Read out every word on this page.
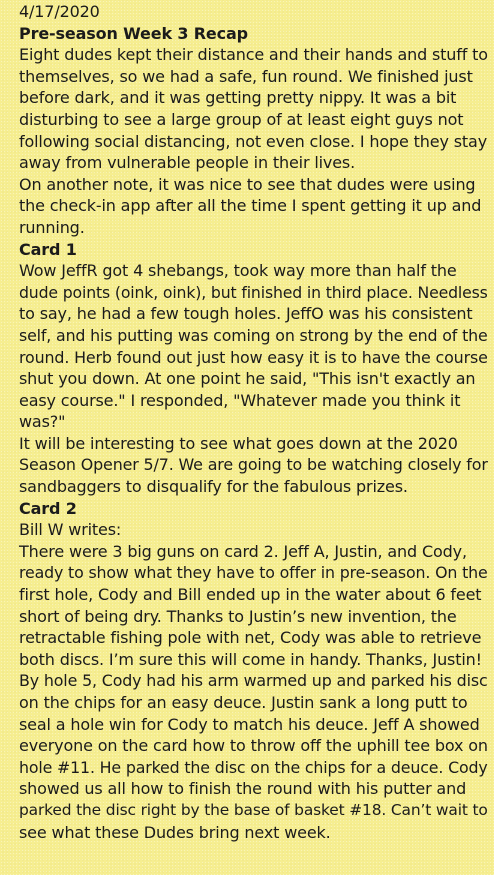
4/17/2020
Pre-season Week 3 Recap
Eight dudes kept their distance and their hands and stuff to
themselves, so we had a safe, fun round. We finished just
before dark, and it was getting pretty nippy. It was a bit
disturbing to see a large group of at least eight guys not
following social distancing, not even close. I hope they stay
away from vulnerable people in their lives.
On another note, it was nice to see that dudes were using
the check-in app after all the time I spent getting it up and
running.
Card 1
Wow JeffR got 4 shebangs, took way more than half the
dude points (oink, oink), but finished in third place. Needless
to say, he had a few tough holes. JeffO was his consistent
self, and his putting was coming on strong by the end of the
round. Herb found out just how easy it is to have the course
shut you down. At one point he said, "This isn't exactly an
easy course." I responded, "Whatever made you think it
was?"
It will be interesting to see what goes down at the 2020
Season Opener 5/7. We are going to be watching closely for
sandbaggers to disqualify for the fabulous prizes.
Card 2
Bill W writes:
There were 3 big guns on card 2. Jeff A, Justin, and Cody,
ready to show what they have to offer in pre-season. On the
first hole, Cody and Bill ended up in the water about 6 feet
short of being dry. Thanks to Justin’s new invention, the
retractable fishing pole with net, Cody was able to retrieve
both discs. I’m sure this will come in handy. Thanks, Justin!
By hole 5, Cody had his arm warmed up and parked his disc
on the chips for an easy deuce. Justin sank a long putt to
seal a hole win for Cody to match his deuce. Jeff A showed
everyone on the card how to throw off the uphill tee box on
hole #11. He parked the disc on the chips for a deuce. Cody
showed us all how to finish the round with his putter and
parked the disc right by the base of basket #18. Can’t wait to
see what these Dudes bring next week.
